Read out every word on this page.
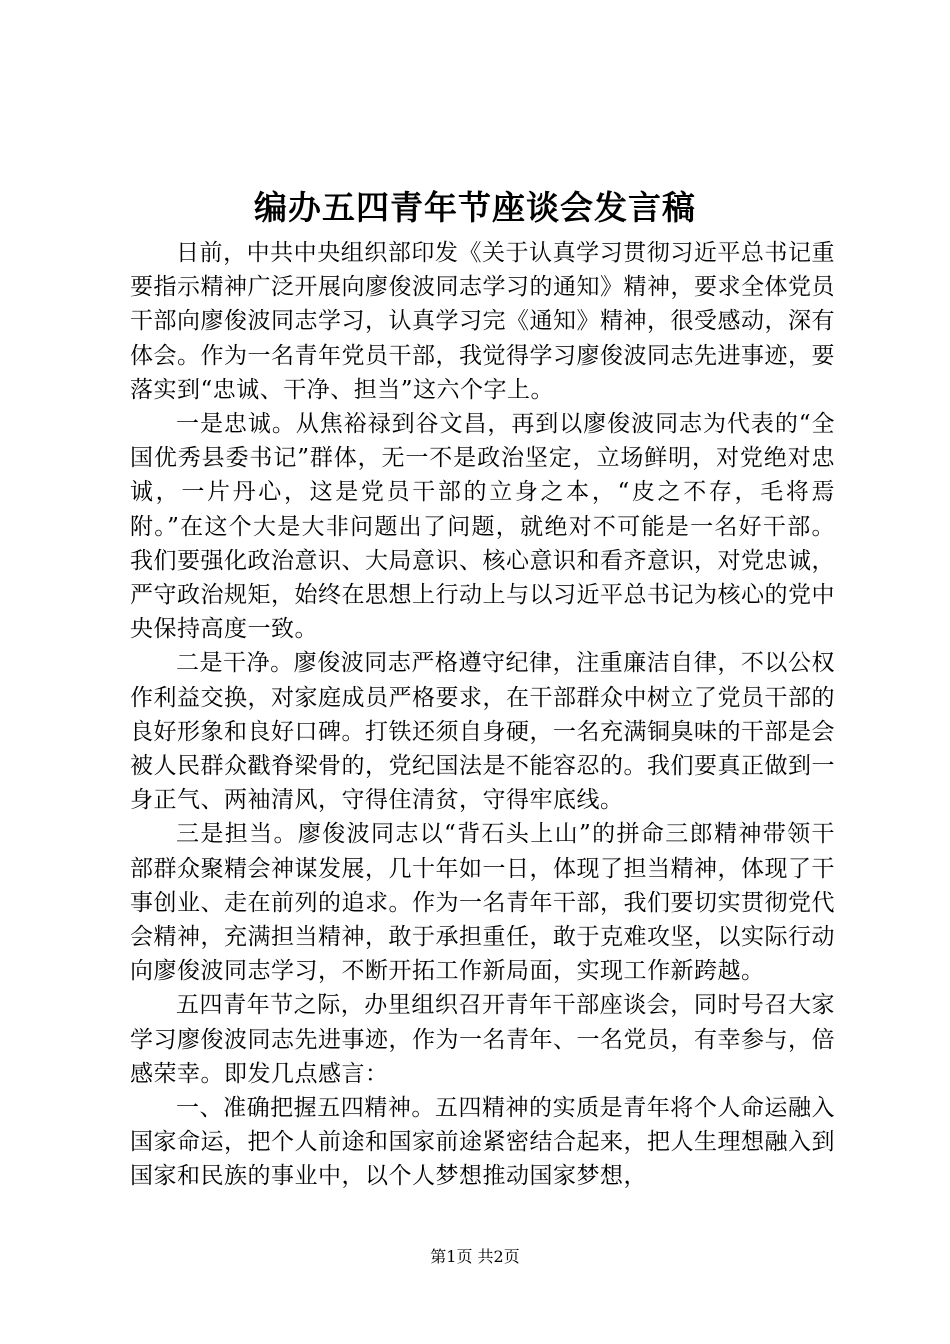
编办五四青年节座谈会发言稿

日前，中共中央组织部印发《关于认真学习贯彻习近平总书记重要指示精神广泛开展向廖俊波同志学习的通知》精神，要求全体党员干部向廖俊波同志学习，认真学习完《通知》精神，很受感动，深有体会。作为一名青年党员干部，我觉得学习廖俊波同志先进事迹，要落实到“忠诚、干净、担当”这六个字上。

一是忠诚。从焦裕禄到谷文昌，再到以廖俊波同志为代表的“全国优秀县委书记”群体，无一不是政治坚定，立场鲜明，对党绝对忠诚，一片丹心，这是党员干部的立身之本，“皮之不存，毛将焉附。”在这个大是大非问题出了问题，就绝对不可能是一名好干部。我们要强化政治意识、大局意识、核心意识和看齐意识，对党忠诚，严守政治规矩，始终在思想上行动上与以习近平总书记为核心的党中央保持高度一致。

二是干净。廖俊波同志严格遵守纪律，注重廉洁自律，不以公权作利益交换，对家庭成员严格要求，在干部群众中树立了党员干部的良好形象和良好口碑。打铁还须自身硬，一名充满铜臭味的干部是会被人民群众戳脊梁骨的，党纪国法是不能容忍的。我们要真正做到一身正气、两袖清风，守得住清贫，守得牢底线。

三是担当。廖俊波同志以“背石头上山”的拼命三郎精神带领干部群众聚精会神谋发展，几十年如一日，体现了担当精神，体现了干事创业、走在前列的追求。作为一名青年干部，我们要切实贯彻党代会精神，充满担当精神，敢于承担重任，敢于克难攻坚，以实际行动向廖俊波同志学习，不断开拓工作新局面，实现工作新跨越。

五四青年节之际，办里组织召开青年干部座谈会，同时号召大家学习廖俊波同志先进事迹，作为一名青年、一名党员，有幸参与，倍感荣幸。即发几点感言：

一、准确把握五四精神。五四精神的实质是青年将个人命运融入国家命运，把个人前途和国家前途紧密结合起来，把人生理想融入到国家和民族的事业中，以个人梦想推动国家梦想，

第1页 共2页
